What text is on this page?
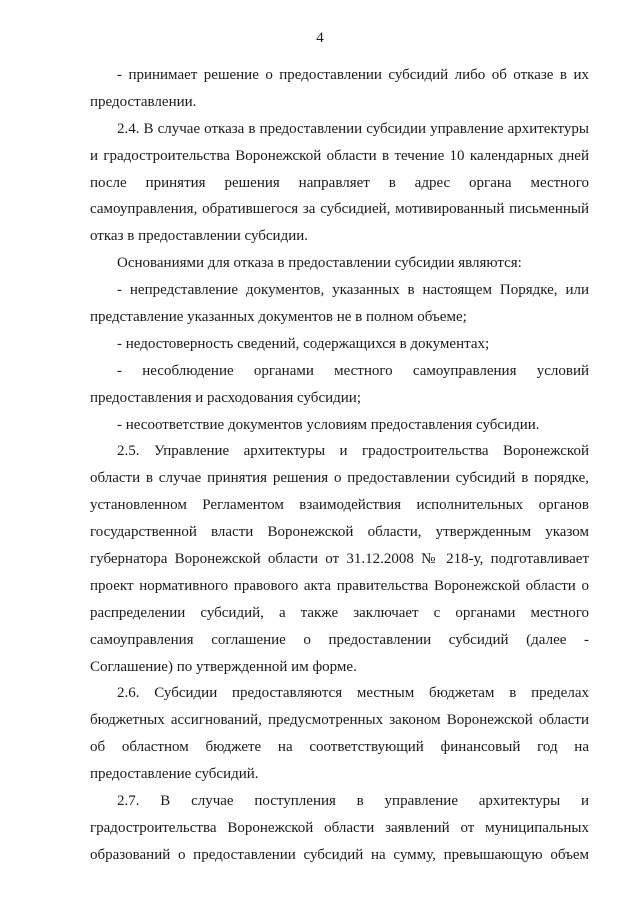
4
- принимает решение о предоставлении субсидий либо об отказе в их
предоставлении.
2.4. В случае отказа в предоставлении субсидии управление архитектуры
и градостроительства Воронежской области в течение 10 календарных дней
после принятия решения направляет в адрес органа местного
самоуправления, обратившегося за субсидией, мотивированный письменный
отказ в предоставлении субсидии.
Основаниями для отказа в предоставлении субсидии являются:
- непредставление документов, указанных в настоящем Порядке, или
представление указанных документов не в полном объеме;
- недостоверность сведений, содержащихся в документах;
- несоблюдение органами местного самоуправления условий
предоставления и расходования субсидии;
- несоответствие документов условиям предоставления субсидии.
2.5. Управление архитектуры и градостроительства Воронежской
области в случае принятия решения о предоставлении субсидий в порядке,
установленном Регламентом взаимодействия исполнительных органов
государственной власти Воронежской области, утвержденным указом
губернатора Воронежской области от 31.12.2008 № 218-у, подготавливает
проект нормативного правового акта правительства Воронежской области о
распределении субсидий, а также заключает с органами местного
самоуправления соглашение о предоставлении субсидий (далее -
Соглашение) по утвержденной им форме.
2.6. Субсидии предоставляются местным бюджетам в пределах
бюджетных ассигнований, предусмотренных законом Воронежской области
об областном бюджете на соответствующий финансовый год на
предоставление субсидий.
2.7. В случае поступления в управление архитектуры и
градостроительства Воронежской области заявлений от муниципальных
образований о предоставлении субсидий на сумму, превышающую объем
